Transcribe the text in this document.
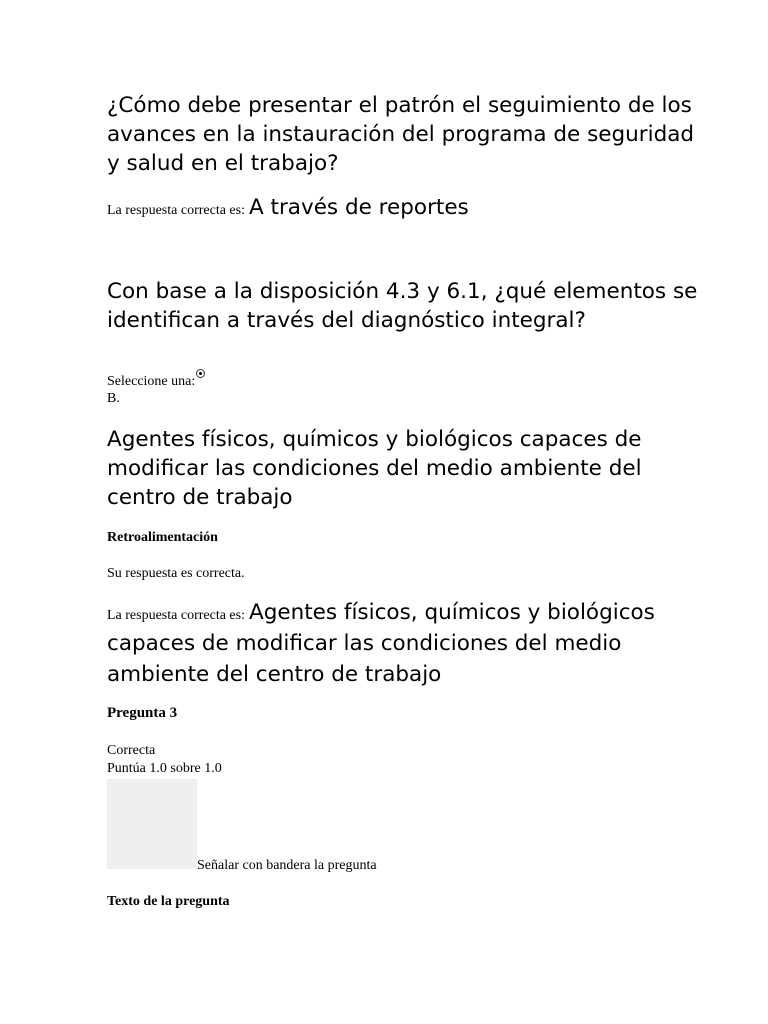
¿Cómo debe presentar el patrón el seguimiento de los avances en la instauración del programa de seguridad y salud en el trabajo?

La respuesta correcta es: A través de reportes

Con base a la disposición 4.3 y 6.1, ¿qué elementos se identifican a través del diagnóstico integral?

Seleccione una:
B.

Agentes físicos, químicos y biológicos capaces de modificar las condiciones del medio ambiente del centro de trabajo

Retroalimentación
Su respuesta es correcta.
La respuesta correcta es: Agentes físicos, químicos y biológicos capaces de modificar las condiciones del medio ambiente del centro de trabajo
Pregunta 3
Correcta
Puntúa 1.0 sobre 1.0
Señalar con bandera la pregunta
Texto de la pregunta
